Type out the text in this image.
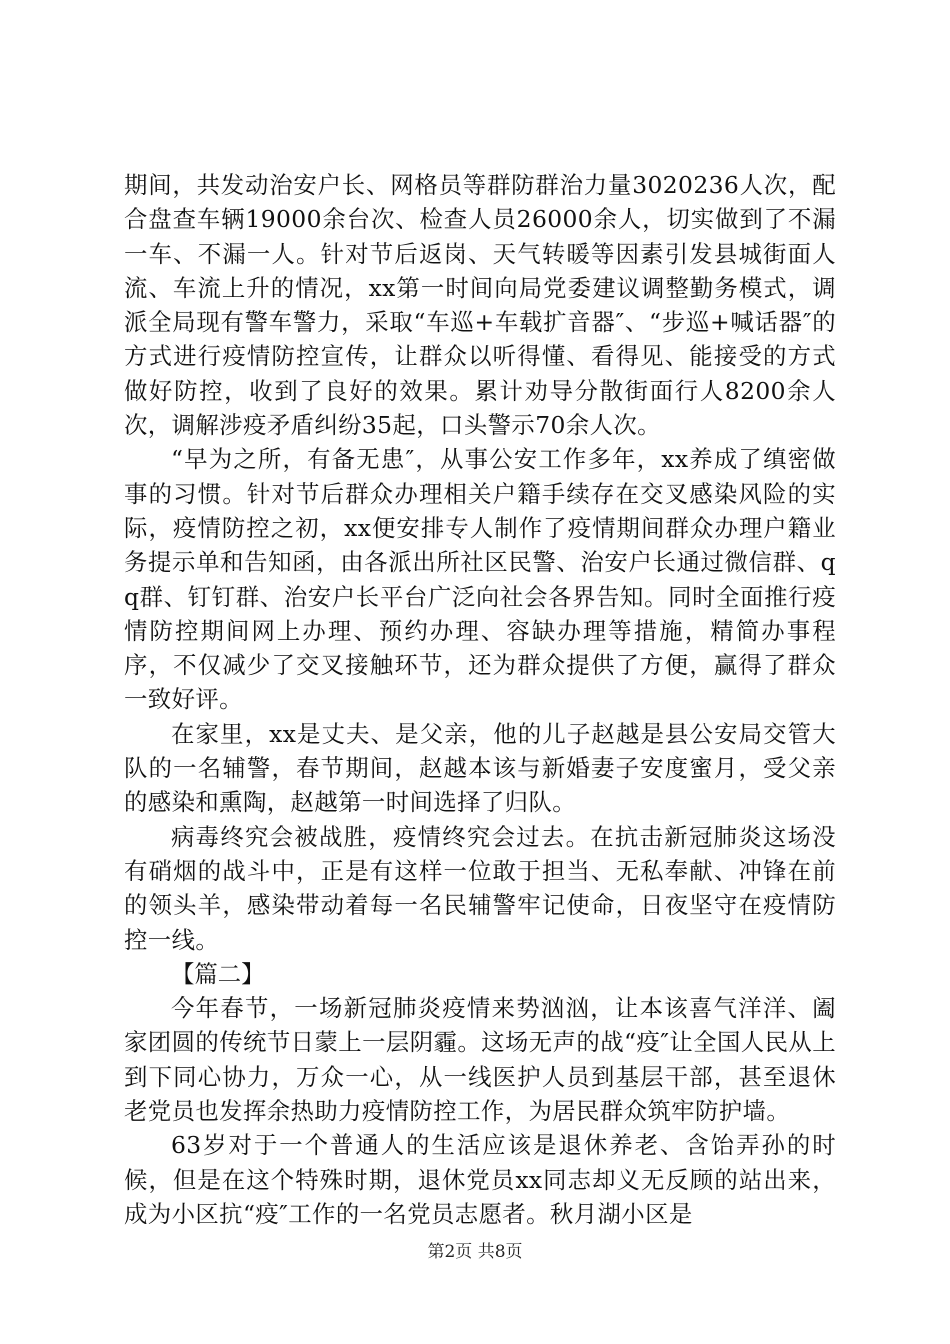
期间，共发动治安户长、网格员等群防群治力量3020236人次，配合盘查车辆19000余台次、检查人员26000余人，切实做到了不漏一车、不漏一人。针对节后返岗、天气转暖等因素引发县城街面人流、车流上升的情况，xx第一时间向局党委建议调整勤务模式，调派全局现有警车警力，采取“车巡+车载扩音器″、“步巡+喊话器″的方式进行疫情防控宣传，让群众以听得懂、看得见、能接受的方式做好防控，收到了良好的效果。累计劝导分散街面行人8200余人次，调解涉疫矛盾纠纷35起，口头警示70余人次。

“早为之所，有备无患″，从事公安工作多年，xx养成了缜密做事的习惯。针对节后群众办理相关户籍手续存在交叉感染风险的实际，疫情防控之初，xx便安排专人制作了疫情期间群众办理户籍业务提示单和告知函，由各派出所社区民警、治安户长通过微信群、qq群、钉钉群、治安户长平台广泛向社会各界告知。同时全面推行疫情防控期间网上办理、预约办理、容缺办理等措施，精简办事程序，不仅减少了交叉接触环节，还为群众提供了方便，赢得了群众一致好评。

在家里，xx是丈夫、是父亲，他的儿子赵越是县公安局交管大队的一名辅警，春节期间，赵越本该与新婚妻子安度蜜月，受父亲的感染和熏陶，赵越第一时间选择了归队。

病毒终究会被战胜，疫情终究会过去。在抗击新冠肺炎这场没有硝烟的战斗中，正是有这样一位敢于担当、无私奉献、冲锋在前的领头羊，感染带动着每一名民辅警牢记使命，日夜坚守在疫情防控一线。

【篇二】

今年春节，一场新冠肺炎疫情来势汹汹，让本该喜气洋洋、阖家团圆的传统节日蒙上一层阴霾。这场无声的战“疫″让全国人民从上到下同心协力，万众一心，从一线医护人员到基层干部，甚至退休老党员也发挥余热助力疫情防控工作，为居民群众筑牢防护墙。

63岁对于一个普通人的生活应该是退休养老、含饴弄孙的时候，但是在这个特殊时期，退休党员xx同志却义无反顾的站出来，成为小区抗“疫″工作的一名党员志愿者。秋月湖小区是

第2页 共8页
